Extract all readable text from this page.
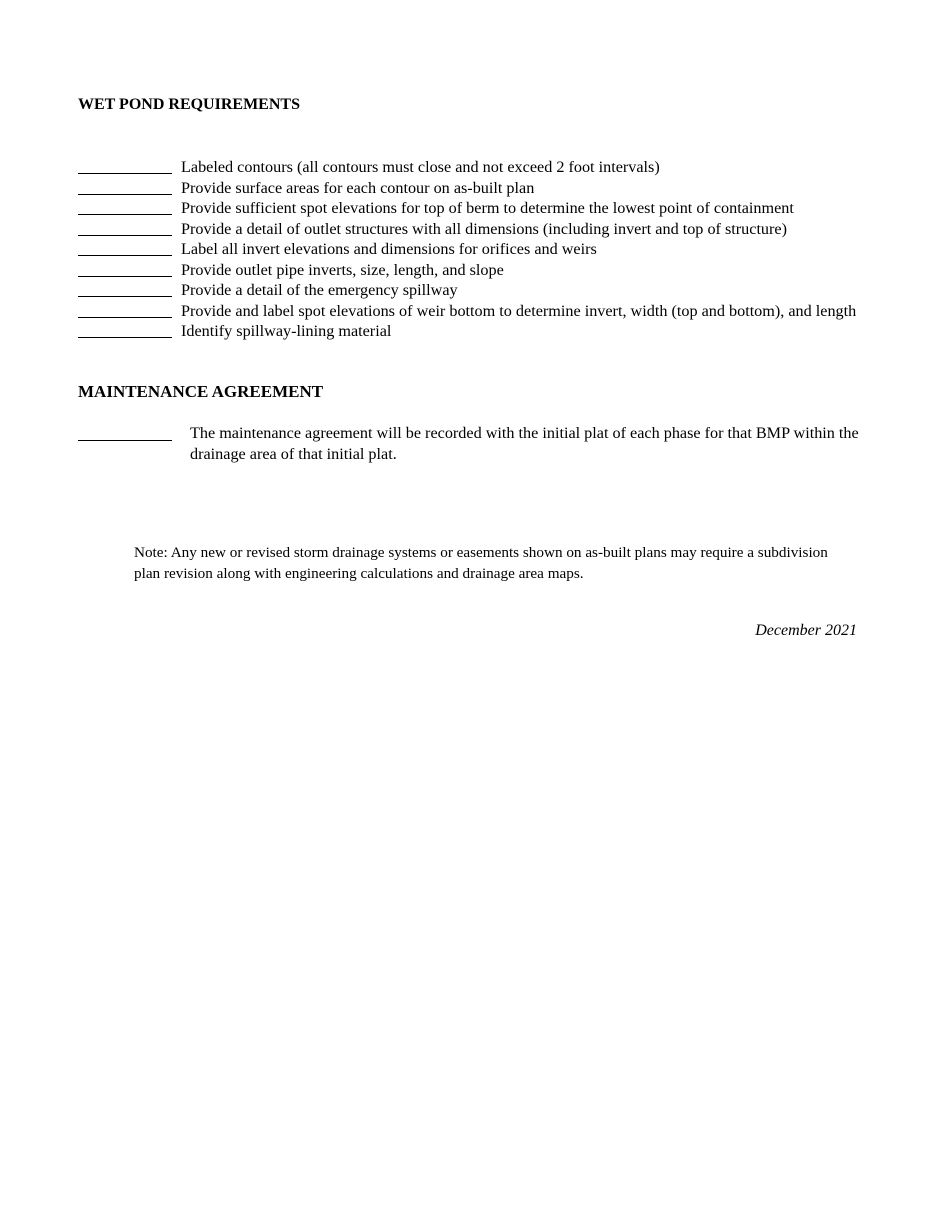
WET POND REQUIREMENTS
Labeled contours (all contours must close and not exceed 2 foot intervals)
Provide surface areas for each contour on as-built plan
Provide sufficient spot elevations for top of berm to determine the lowest point of containment
Provide a detail of outlet structures with all dimensions (including invert and top of structure)
Label all invert elevations and dimensions for orifices and weirs
Provide outlet pipe inverts, size, length, and slope
Provide a detail of the emergency spillway
Provide and label spot elevations of weir bottom to determine invert, width (top and bottom), and length
Identify spillway-lining material
MAINTENANCE AGREEMENT
The maintenance agreement will be recorded with the initial plat of each phase for that BMP within the drainage area of that initial plat.

Note: Any new or revised storm drainage systems or easements shown on as-built plans may require a subdivision plan revision along with engineering calculations and drainage area maps.

December 2021
